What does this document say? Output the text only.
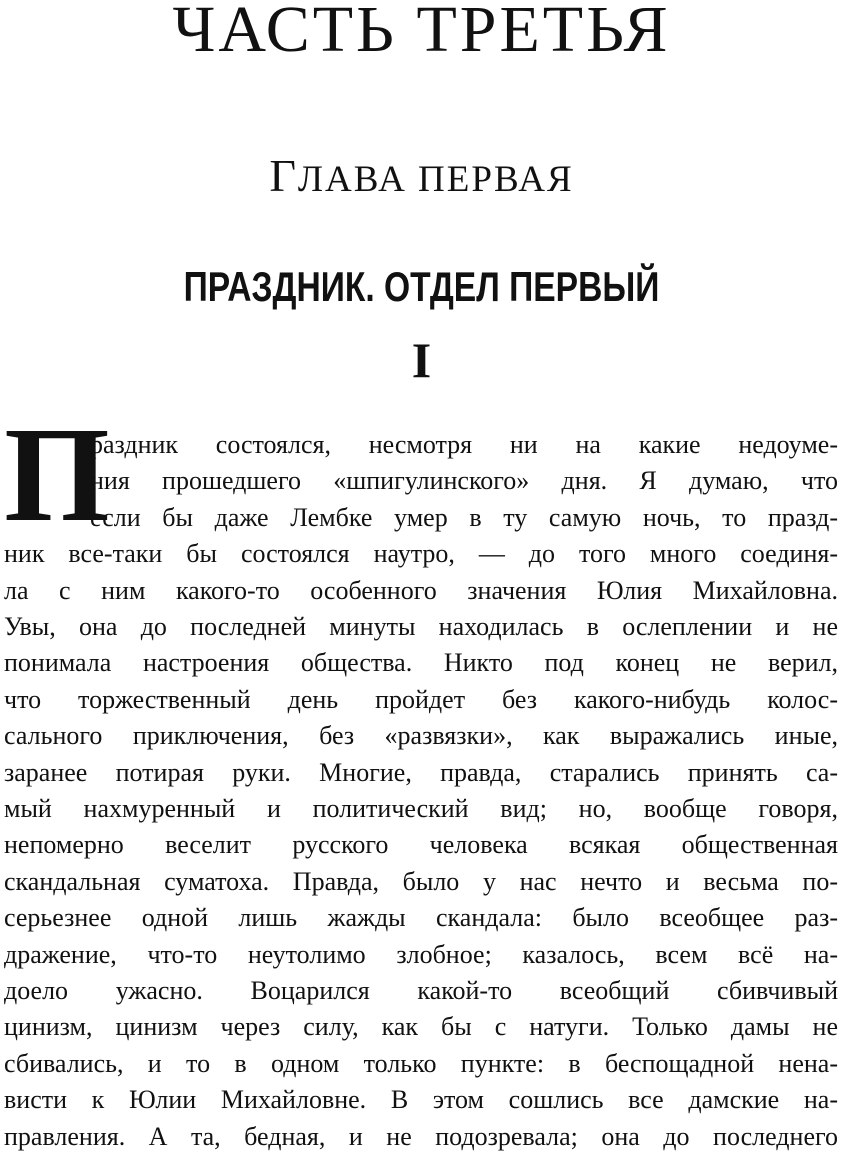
ЧАСТЬ ТРЕТЬЯ
ГЛАВА ПЕРВАЯ
ПРАЗДНИК. ОТДЕЛ ПЕРВЫЙ
I
П
раздник состоялся, несмотря ни на какие недоуме-
ния прошедшего «шпигулинского» дня. Я думаю, что
если бы даже Лембке умер в ту самую ночь, то празд-
ник все-таки бы состоялся наутро, — до того много соединя-
ла с ним какого-то особенного значения Юлия Михайловна.
Увы, она до последней минуты находилась в ослеплении и не
понимала настроения общества. Никто под конец не верил,
что торжественный день пройдет без какого-нибудь колос-
сального приключения, без «развязки», как выражались иные,
заранее потирая руки. Многие, правда, старались принять са-
мый нахмуренный и политический вид; но, вообще говоря,
непомерно веселит русского человека всякая общественная
скандальная суматоха. Правда, было у нас нечто и весьма по-
серьезнее одной лишь жажды скандала: было всеобщее раз-
дражение, что-то неутолимо злобное; казалось, всем всё на-
доело ужасно. Воцарился какой-то всеобщий сбивчивый
цинизм, цинизм через силу, как бы с натуги. Только дамы не
сбивались, и то в одном только пункте: в беспощадной нена-
висти к Юлии Михайловне. В этом сошлись все дамские на-
правления. А та, бедная, и не подозревала; она до последнего
